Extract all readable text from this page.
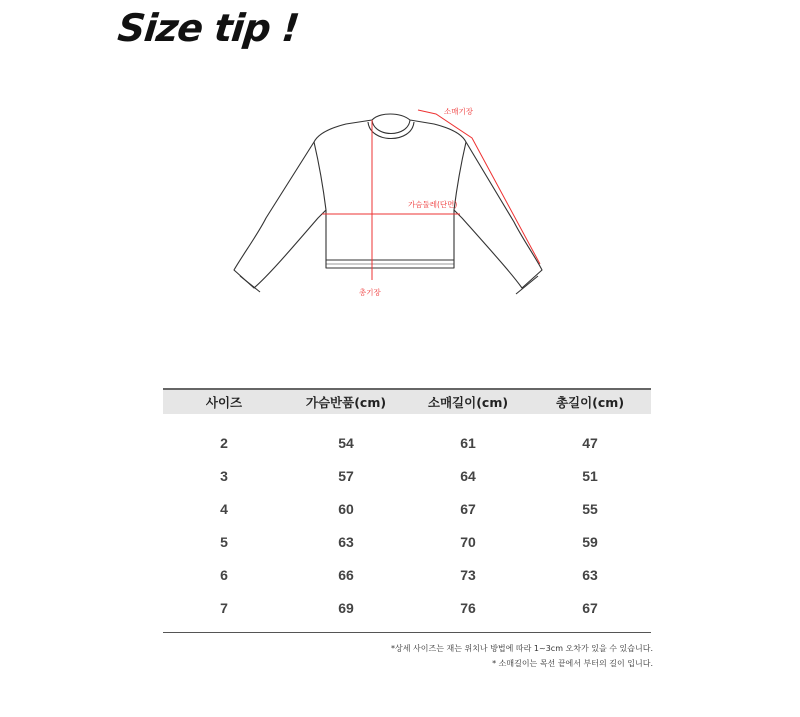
Size tip !
소매기장
가슴둘레(단면)
총기장
사이즈	가슴반품(cm)	소매길이(cm)	총길이(cm)
2	54	61	47
3	57	64	51
4	60	67	55
5	63	70	59
6	66	73	63
7	69	76	67
*상세 사이즈는 재는 위치나 방법에 따라 1~3cm 오차가 있을 수 있습니다.
* 소매길이는 목선 끝에서 부터의 길이 입니다.
